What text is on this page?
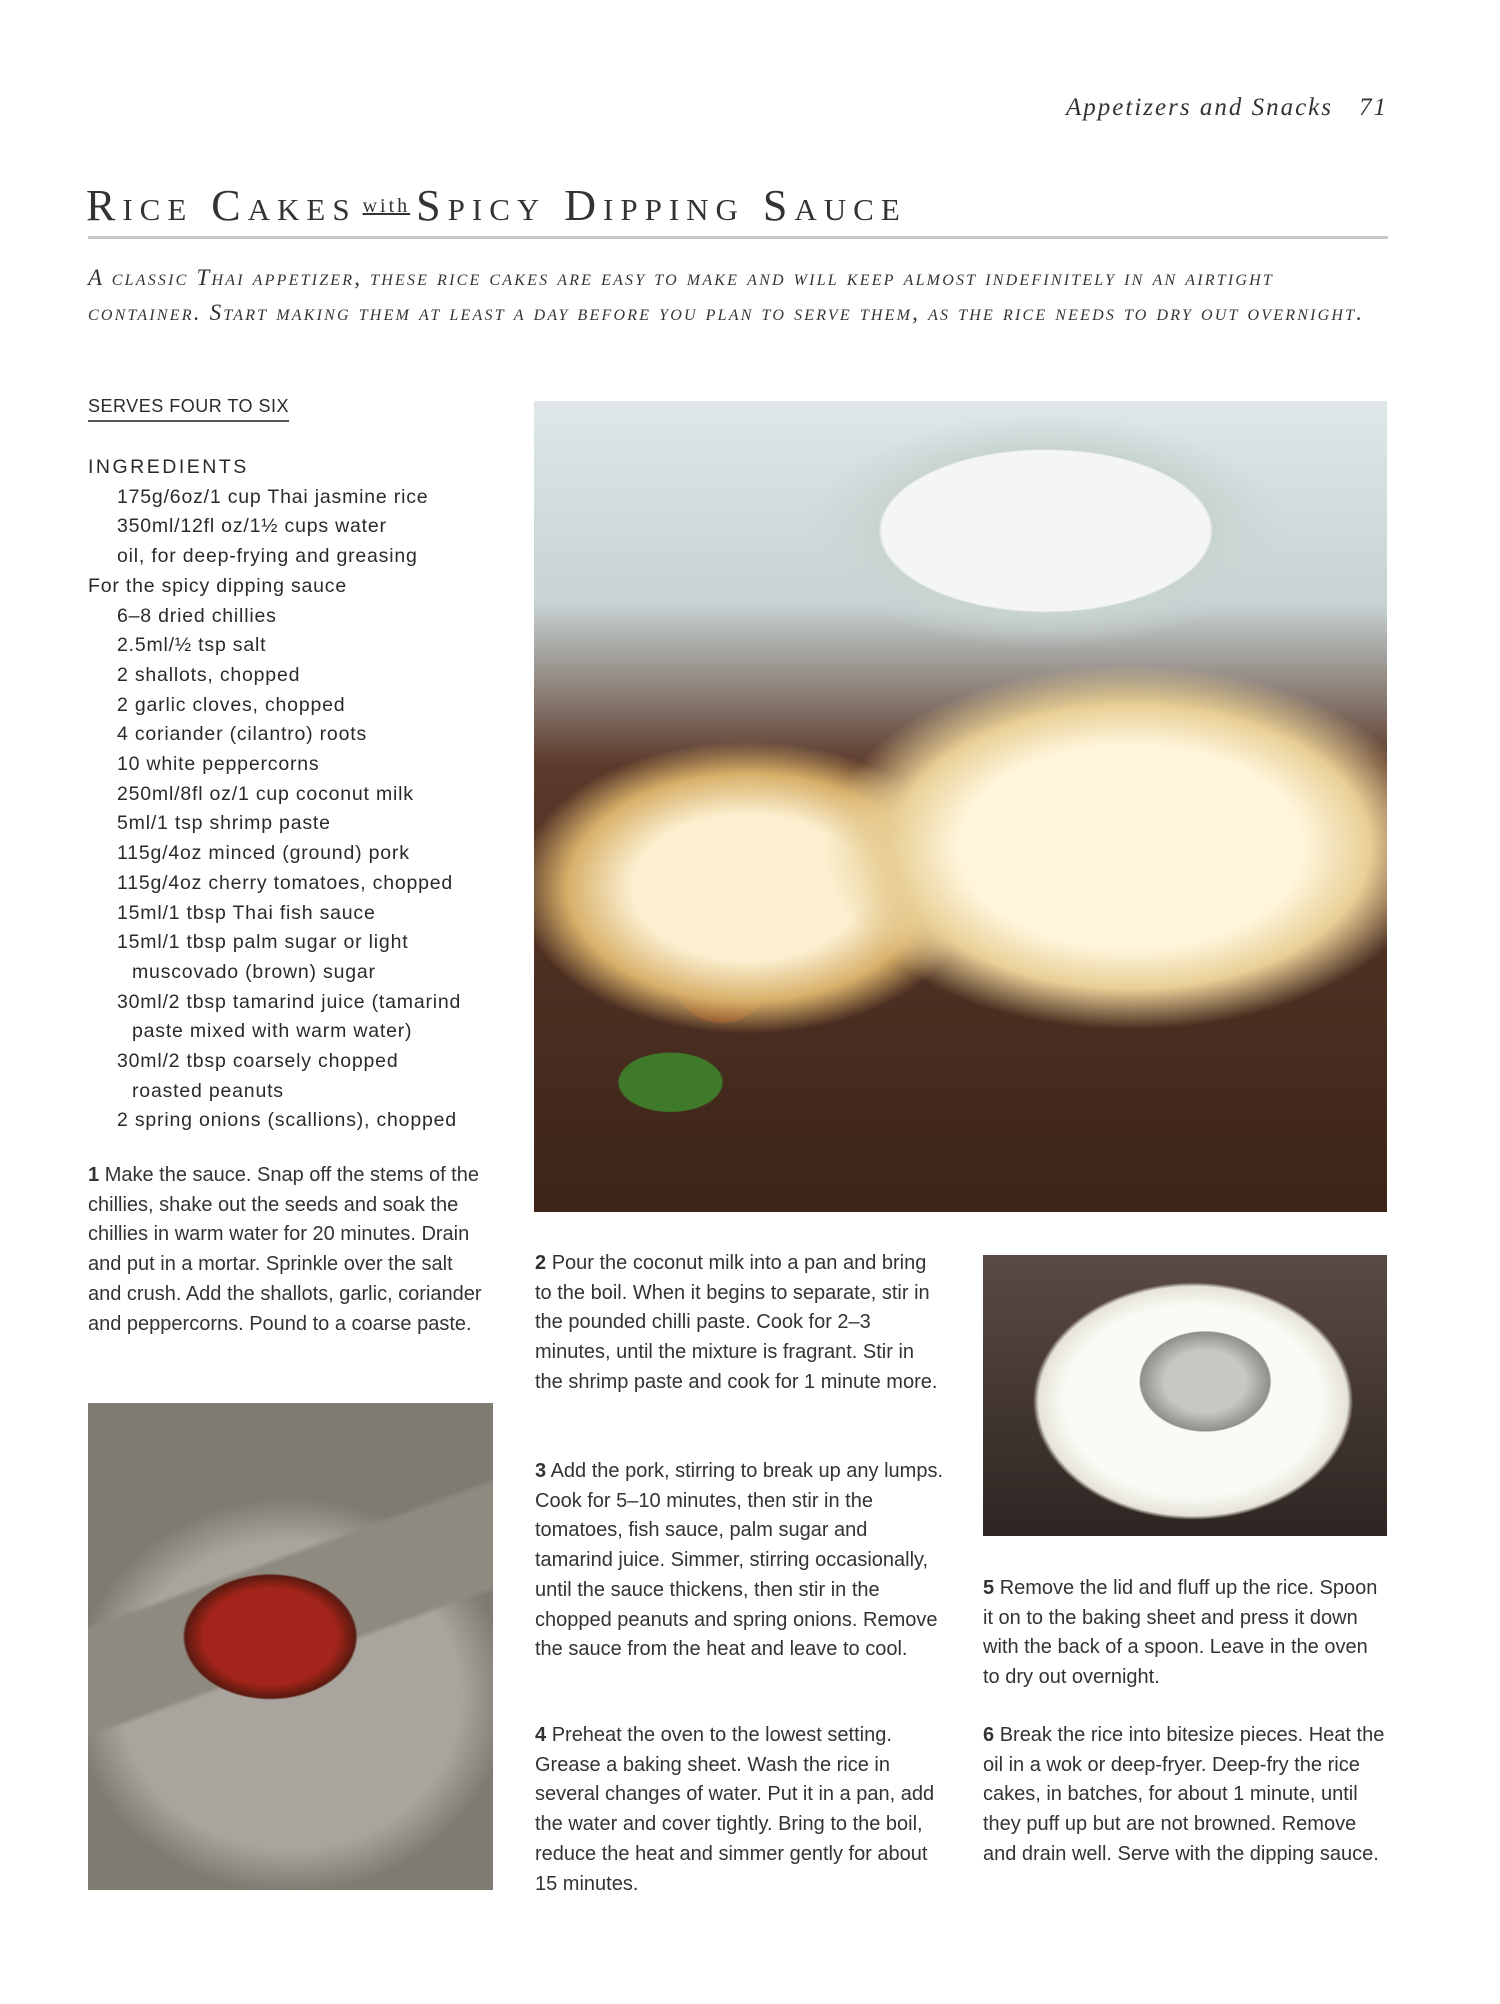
Appetizers and Snacks 71
Rice Cakes with Spicy Dipping Sauce
A classic Thai appetizer, these rice cakes are easy to make and will keep almost indefinitely in an airtight container. Start making them at least a day before you plan to serve them, as the rice needs to dry out overnight.
SERVES FOUR TO SIX
INGREDIENTS
175g/6oz/1 cup Thai jasmine rice
350ml/12fl oz/1½ cups water
oil, for deep-frying and greasing
For the spicy dipping sauce
6–8 dried chillies
2.5ml/½ tsp salt
2 shallots, chopped
2 garlic cloves, chopped
4 coriander (cilantro) roots
10 white peppercorns
250ml/8fl oz/1 cup coconut milk
5ml/1 tsp shrimp paste
115g/4oz minced (ground) pork
115g/4oz cherry tomatoes, chopped
15ml/1 tbsp Thai fish sauce
15ml/1 tbsp palm sugar or light
muscovado (brown) sugar
30ml/2 tbsp tamarind juice (tamarind
paste mixed with warm water)
30ml/2 tbsp coarsely chopped
roasted peanuts
2 spring onions (scallions), chopped
1 Make the sauce. Snap off the stems of the chillies, shake out the seeds and soak the chillies in warm water for 20 minutes. Drain and put in a mortar. Sprinkle over the salt and crush. Add the shallots, garlic, coriander and peppercorns. Pound to a coarse paste.
2 Pour the coconut milk into a pan and bring to the boil. When it begins to separate, stir in the pounded chilli paste. Cook for 2–3 minutes, until the mixture is fragrant. Stir in the shrimp paste and cook for 1 minute more.
3 Add the pork, stirring to break up any lumps. Cook for 5–10 minutes, then stir in the tomatoes, fish sauce, palm sugar and tamarind juice. Simmer, stirring occasionally, until the sauce thickens, then stir in the chopped peanuts and spring onions. Remove the sauce from the heat and leave to cool.
4 Preheat the oven to the lowest setting. Grease a baking sheet. Wash the rice in several changes of water. Put it in a pan, add the water and cover tightly. Bring to the boil, reduce the heat and simmer gently for about 15 minutes.
5 Remove the lid and fluff up the rice. Spoon it on to the baking sheet and press it down with the back of a spoon. Leave in the oven to dry out overnight.
6 Break the rice into bitesize pieces. Heat the oil in a wok or deep-fryer. Deep-fry the rice cakes, in batches, for about 1 minute, until they puff up but are not browned. Remove and drain well. Serve with the dipping sauce.
